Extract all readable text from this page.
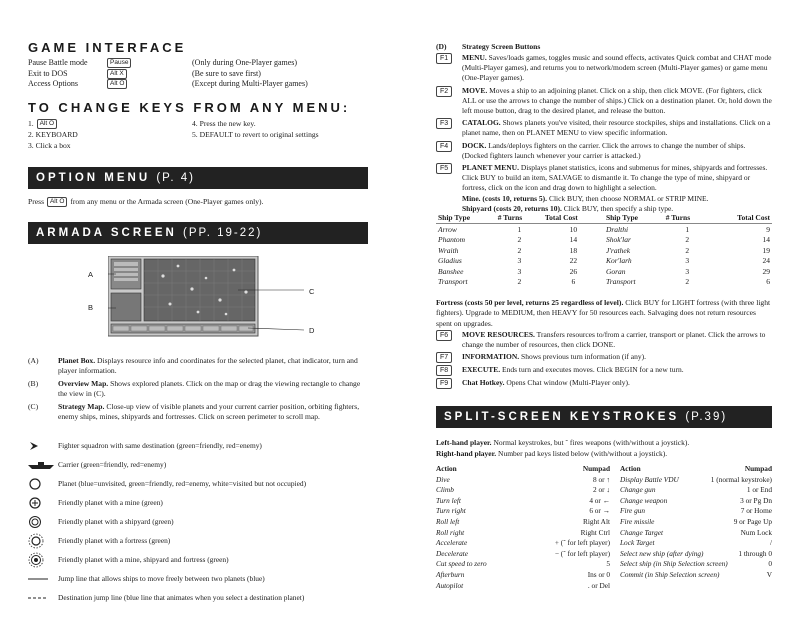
GAME INTERFACE
Pause Battle mode	Pause	(Only during One-Player games)
Exit to DOS	Alt X	(Be sure to save first)
Access Options	Alt O	(Except during Multi-Player games)
TO CHANGE KEYS FROM ANY MENU:
1. Alt O
2. KEYBOARD
3. Click a box
4. Press the new key.
5. DEFAULT to revert to original settings
OPTION MENU (P. 4)

Press Alt O from any menu or the Armada screen (One-Player games only).

ARMADA SCREEN (PP. 19-22)
A
B
C
D
(A)	Planet Box. Displays resource info and coordinates for the selected planet, chat indicator, turn and player information.
(B)	Overview Map. Shows explored planets. Click on the map or drag the viewing rectangle to change the view in (C).
(C)	Strategy Map. Close-up view of visible planets and your current carrier position, orbiting fighters, enemy ships, mines, shipyards and fortresses. Click on screen perimeter to scroll map.
Fighter squadron with same destination (green=friendly, red=enemy)
Carrier (green=friendly, red=enemy)
Planet (blue=unvisited, green=friendly, red=enemy, white=visited but not occupied)
Friendly planet with a mine (green)
Friendly planet with a shipyard (green)
Friendly planet with a fortress (green)
Friendly planet with a mine, shipyard and fortress (green)
Jump line that allows ships to move freely between two planets (blue)
Destination jump line (blue line that animates when you select a destination planet)
(D) Strategy Screen Buttons
F1	MENU. Saves/loads games, toggles music and sound effects, activates Quick combat and CHAT mode (Multi-Player games), and returns you to network/modem screen (Multi-Player games) or game menu (One-Player games).
F2	MOVE. Moves a ship to an adjoining planet. Click on a ship, then click MOVE. (For fighters, click ALL or use the arrows to change the number of ships.) Click on a destination planet. Or, hold down the left mouse button, drag to the desired planet, and release the button.
F3	CATALOG. Shows planets you've visited, their resource stockpiles, ships and installations. Click on a planet name, then on PLANET MENU to view specific information.
F4	DOCK. Lands/deploys fighters on the carrier. Click the arrows to change the number of ships. (Docked fighters launch whenever your carrier is attacked.)
F5	PLANET MENU. Displays planet statistics, icons and submenus for mines, shipyards and fortresses. Click BUY to build an item, SALVAGE to dismantle it. To change the type of mine, shipyard or fortress, click on the icon and drag down to highlight a selection.
Mine. (costs 10, returns 5). Click BUY, then choose NORMAL or STRIP MINE.
Shipyard (costs 20, returns 10). Click BUY, then specify a ship type.
Ship Type	# Turns	Total Cost	Ship Type	# Turns	Total Cost
Arrow	1	10	Dralthi	1	9
Phantom	2	14	Shok'lar	2	14
Wraith	2	18	J'rathek	2	19
Gladius	3	22	Kor'larh	3	24
Banshee	3	26	Goran	3	29
Transport	2	6	Transport	2	6

Fortress (costs 50 per level, returns 25 regardless of level). Click BUY for LIGHT fortress (with three light fighters). Upgrade to MEDIUM, then HEAVY for 50 resources each. Salvaging does not return resources spent on upgrades.

F6	MOVE RESOURCES. Transfers resources to/from a carrier, transport or planet. Click the arrows to change the number of resources, then click DONE.
F7	INFORMATION. Shows previous turn information (if any).
F8	EXECUTE. Ends turn and executes moves. Click BEGIN for a new turn.
F9	Chat Hotkey. Opens Chat window (Multi-Player only).
SPLIT-SCREEN KEYSTROKES (P.39)
Left-hand player. Normal keystrokes, but ˜ fires weapons (with/without a joystick).
Right-hand player. Number pad keys listed below (with/without a joystick).
Action	Numpad
Dive	8 or ↑
Climb	2 or ↓
Turn left	4 or ←
Turn right	6 or →
Roll left	Right Alt
Roll right	Right Ctrl
Accelerate	+ (˜ for left player)
Decelerate	− (˜ for left player)
Cut speed to zero	5
Afterburn	Ins or 0
Autopilot	. or Del
Action	Numpad
Display Battle VDU	1 (normal keystroke)
Change gun	1 or End
Change weapon	3 or Pg Dn
Fire gun	7 or Home
Fire missile	9 or Page Up
Change Target	Num Lock
Lock Target	/
Select new ship (after dying)	1 through 0
Select ship (in Ship Selection screen)	0
Commit (in Ship Selection screen)	V
